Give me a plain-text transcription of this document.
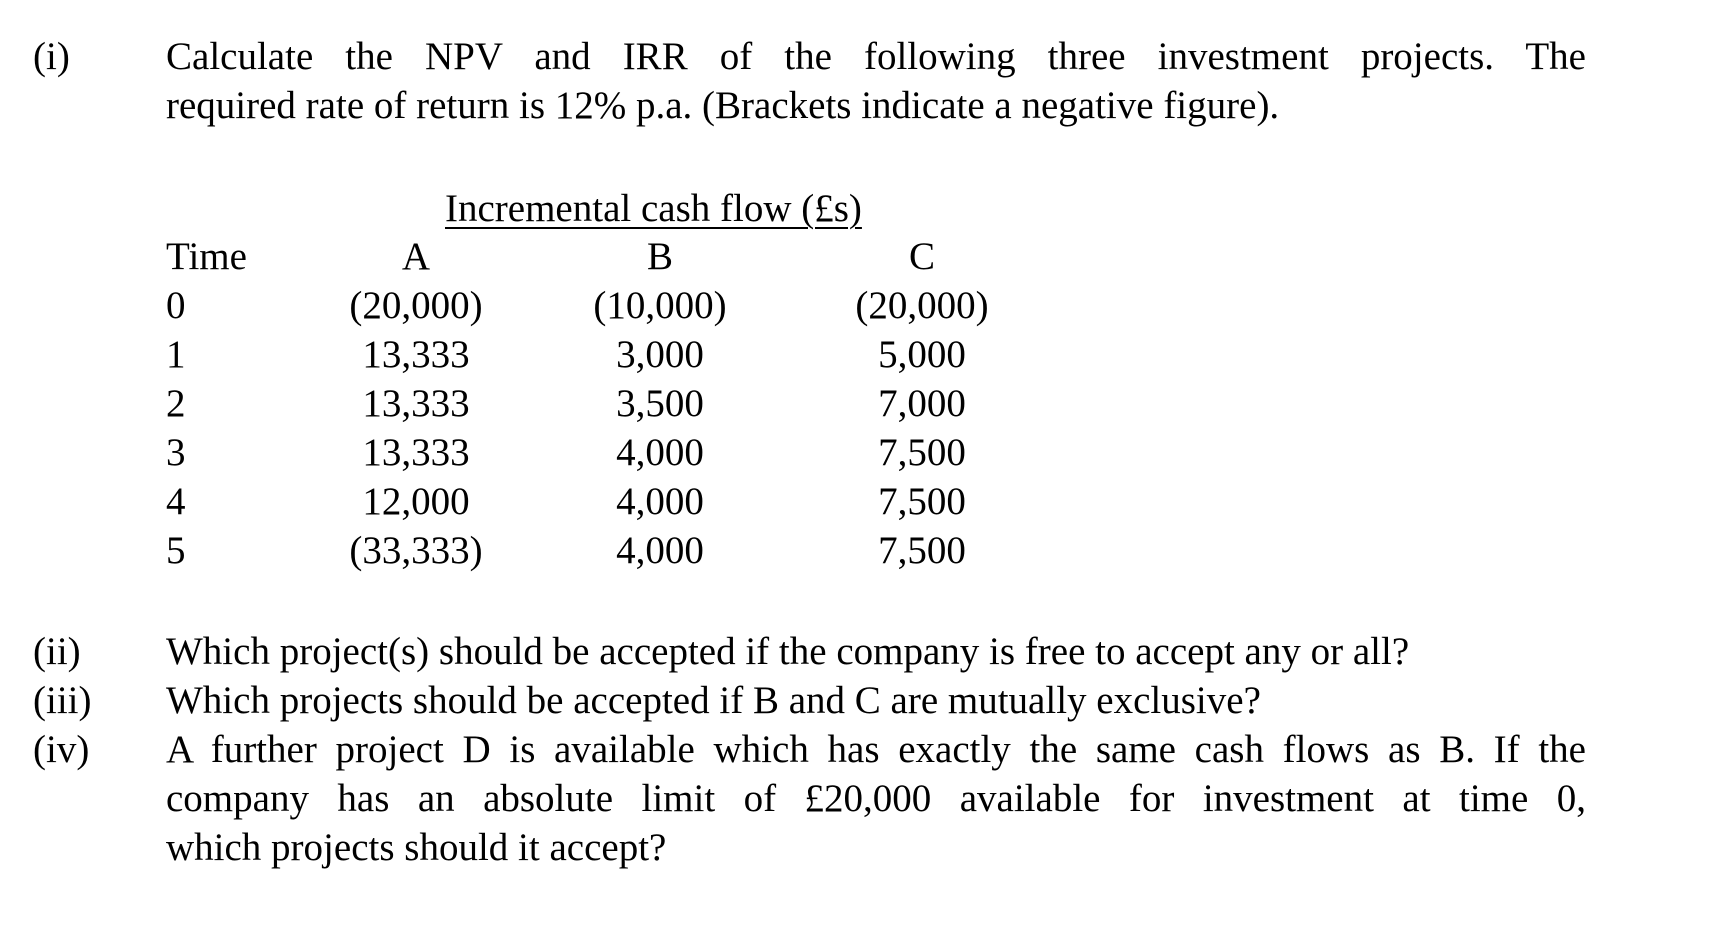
(i) Calculate the NPV and IRR of the following three investment projects. The
required rate of return is 12% p.a. (Brackets indicate a negative figure).
Incremental cash flow (£s)
Time	A	B	C
0	(20,000)	(10,000)	(20,000)
1	13,333	3,000	5,000
2	13,333	3,500	7,000
3	13,333	4,000	7,500
4	12,000	4,000	7,500
5	(33,333)	4,000	7,500
(ii) Which project(s) should be accepted if the company is free to accept any or all?
(iii) Which projects should be accepted if B and C are mutually exclusive?
(iv) A further project D is available which has exactly the same cash flows as B. If the
company has an absolute limit of £20,000 available for investment at time 0,
which projects should it accept?
